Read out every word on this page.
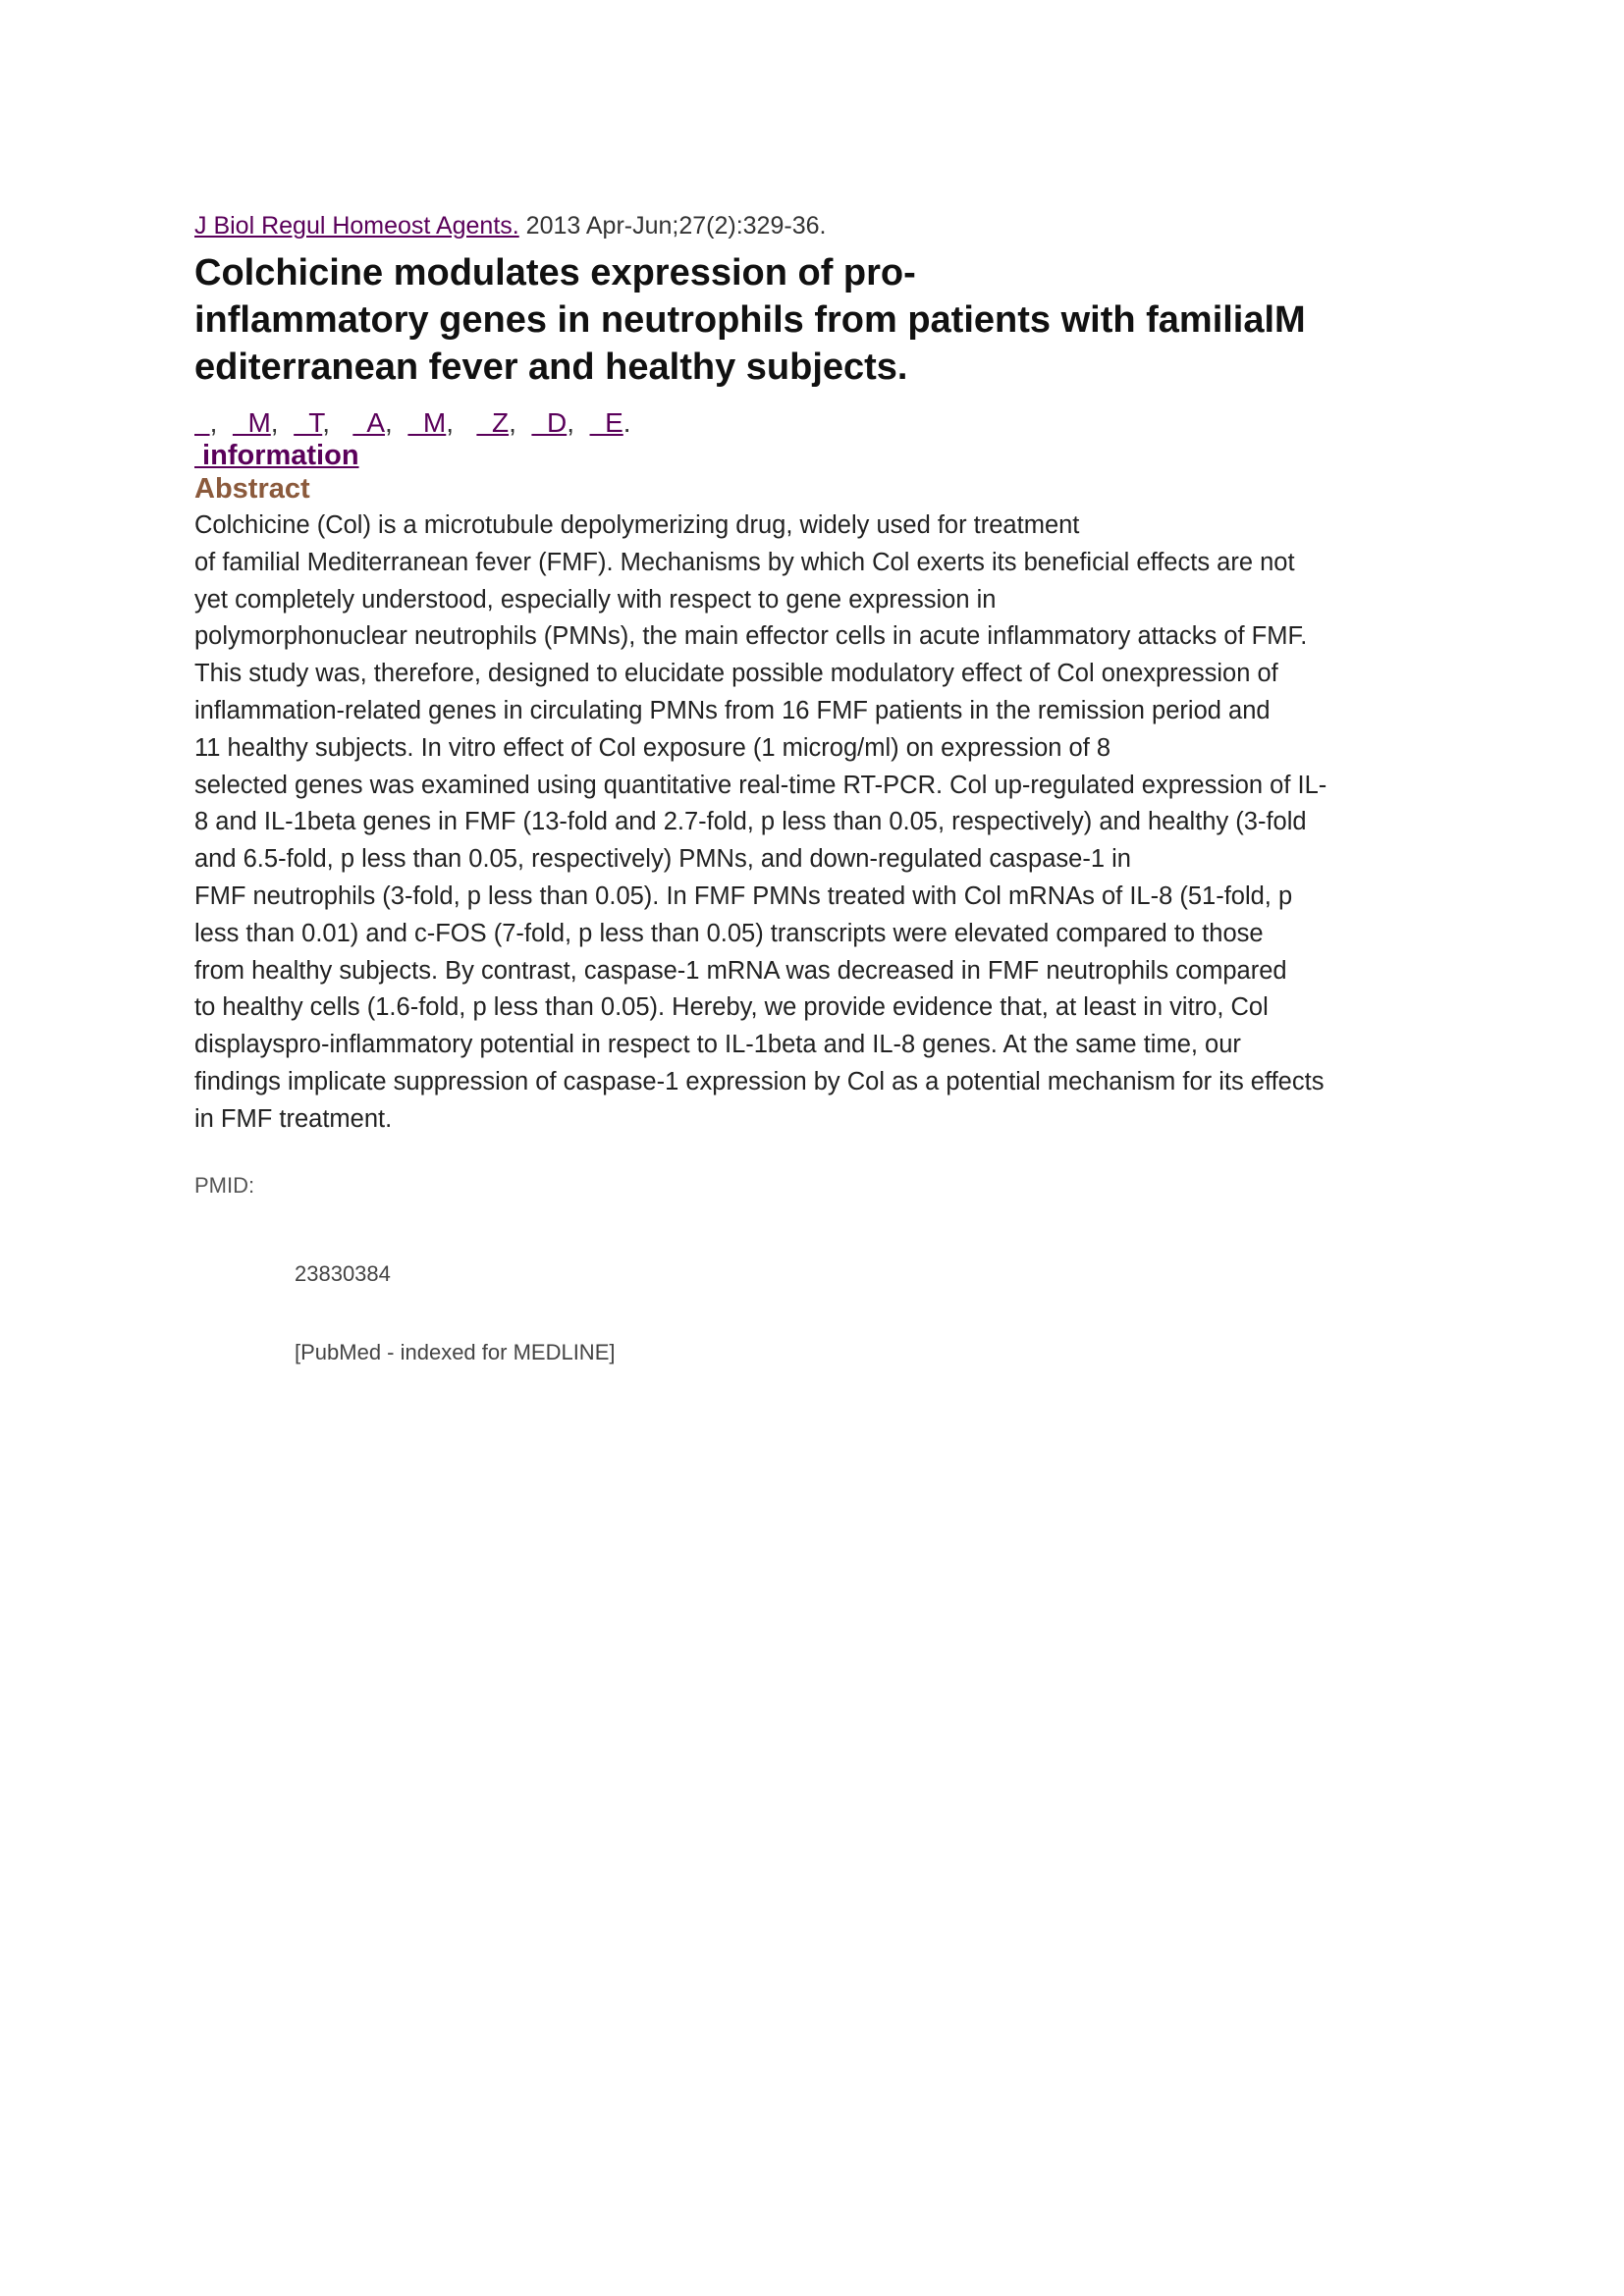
J Biol Regul Homeost Agents. 2013 Apr-Jun;27(2):329-36.
Colchicine modulates expression of pro-
inflammatory genes in neutrophils from patients with familialM
editerranean fever and healthy subjects.
,    M,    T,     A,    M,     Z,    D,    E.
information
Abstract
Colchicine (Col) is a microtubule depolymerizing drug, widely used for treatment
of familial Mediterranean fever (FMF). Mechanisms by which Col exerts its beneficial effects are not
yet completely understood, especially with respect to gene expression in
polymorphonuclear neutrophils (PMNs), the main effector cells in acute inflammatory attacks of FMF.
This study was, therefore, designed to elucidate possible modulatory effect of Col onexpression of
inflammation-related genes in circulating PMNs from 16 FMF patients in the remission period and
11 healthy subjects. In vitro effect of Col exposure (1 microg/ml) on expression of 8
selected genes was examined using quantitative real-time RT-PCR. Col up-regulated expression of IL-
8 and IL-1beta genes in FMF (13-fold and 2.7-fold, p less than 0.05, respectively) and healthy (3-fold
and 6.5-fold, p less than 0.05, respectively) PMNs, and down-regulated caspase-1 in
FMF neutrophils (3-fold, p less than 0.05). In FMF PMNs treated with Col mRNAs of IL-8 (51-fold, p
less than 0.01) and c-FOS (7-fold, p less than 0.05) transcripts were elevated compared to those
from healthy subjects. By contrast, caspase-1 mRNA was decreased in FMF neutrophils compared
to healthy cells (1.6-fold, p less than 0.05). Hereby, we provide evidence that, at least in vitro, Col
displayspro-inflammatory potential in respect to IL-1beta and IL-8 genes. At the same time, our
findings implicate suppression of caspase-1 expression by Col as a potential mechanism for its effects
in FMF treatment.
PMID:
23830384
[PubMed - indexed for MEDLINE]
